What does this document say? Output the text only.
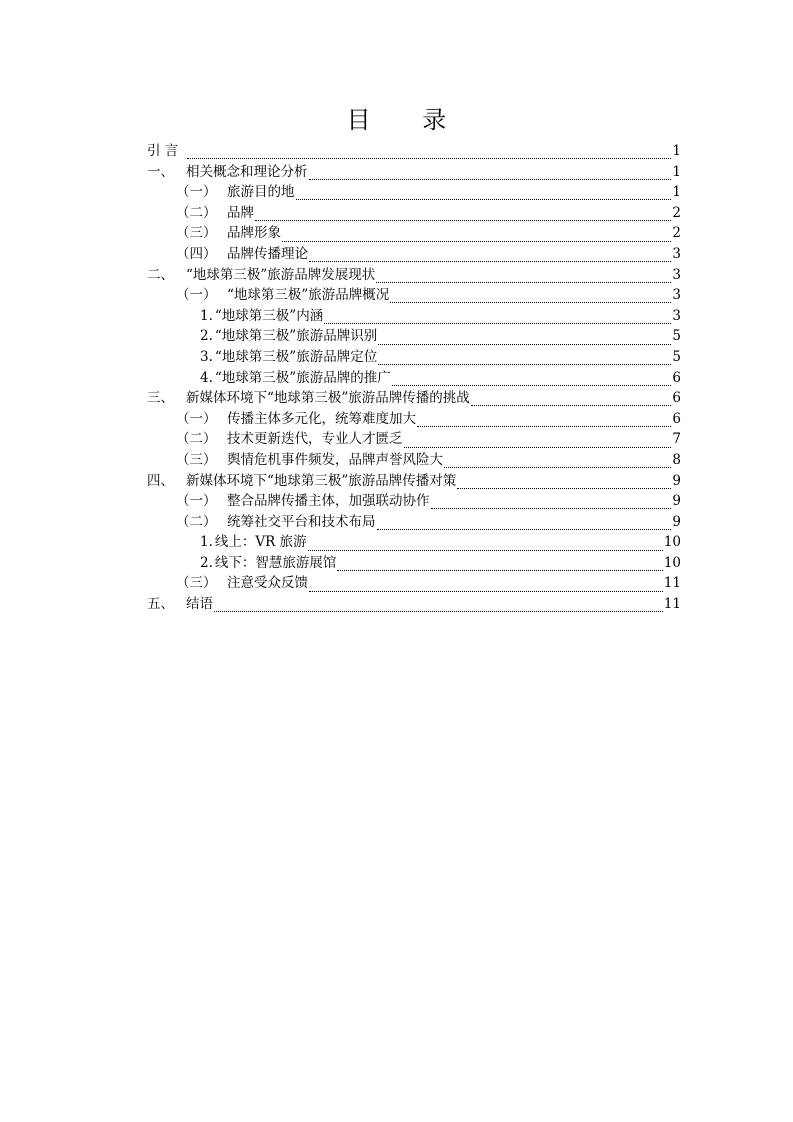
目 录
引 言	1
一、 相关概念和理论分析	1
（一） 旅游目的地	1
（二） 品牌	2
（三） 品牌形象	2
（四） 品牌传播理论	3
二、 “地球第三极”旅游品牌发展现状	3
（一） “地球第三极”旅游品牌概况	3
1. “地球第三极”内涵	3
2. “地球第三极”旅游品牌识别	5
3. “地球第三极”旅游品牌定位	5
4. “地球第三极”旅游品牌的推广	6
三、 新媒体环境下“地球第三极”旅游品牌传播的挑战	6
（一） 传播主体多元化，统筹难度加大	6
（二） 技术更新迭代，专业人才匮乏	7
（三） 舆情危机事件频发，品牌声誉风险大	8
四、 新媒体环境下“地球第三极”旅游品牌传播对策	9
（一） 整合品牌传播主体，加强联动协作	9
（二） 统筹社交平台和技术布局	9
1. 线上：VR 旅游	10
2. 线下：智慧旅游展馆	10
（三） 注意受众反馈	11
五、 结语	11
